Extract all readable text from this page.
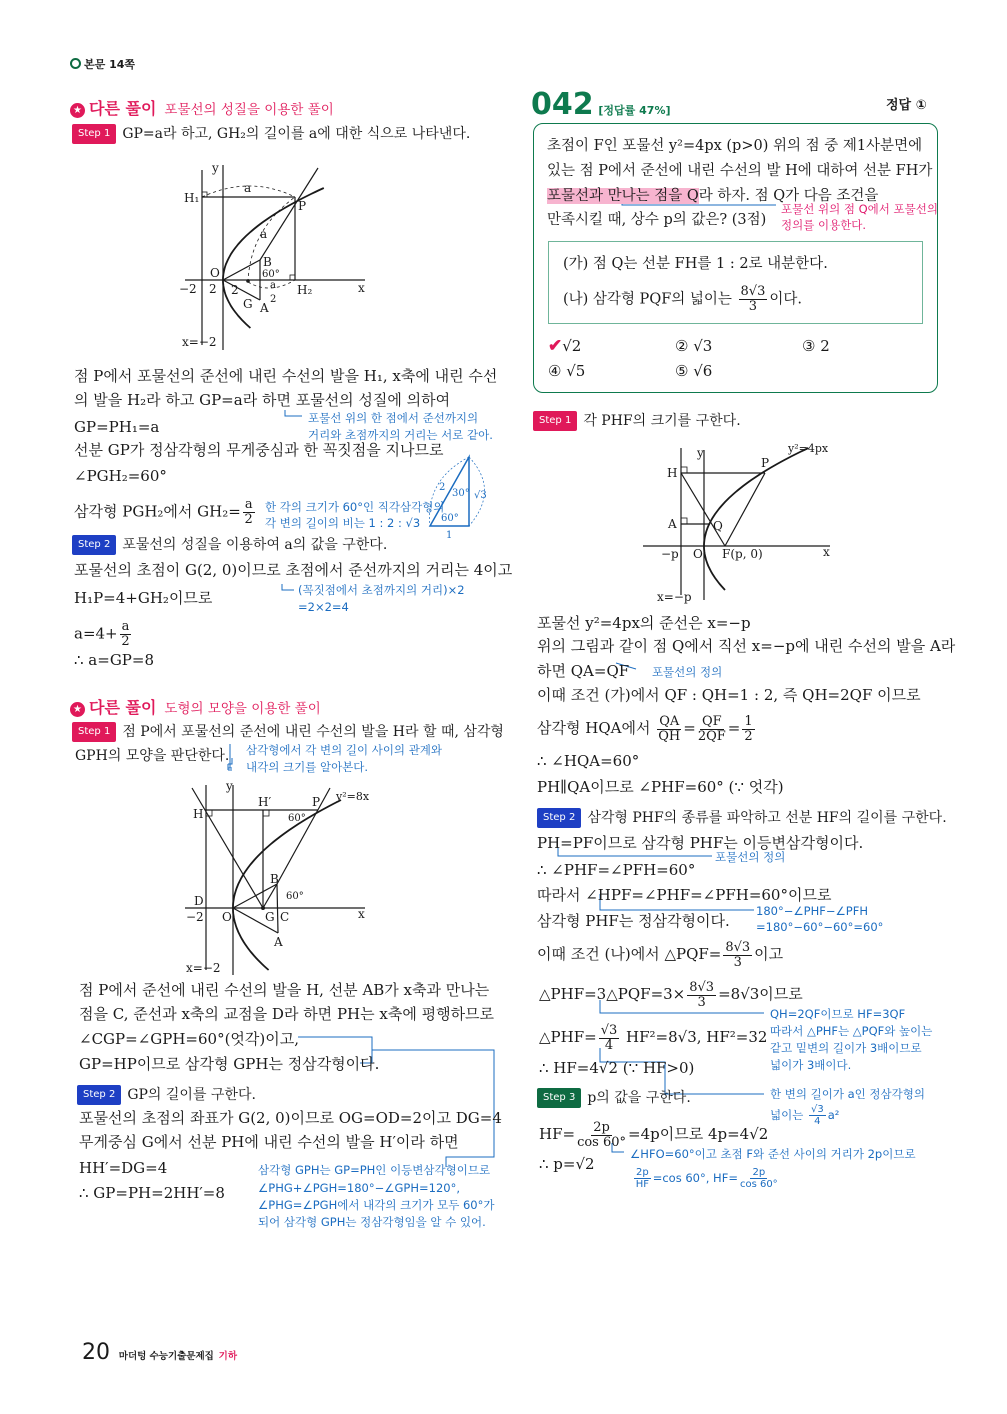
본문 14쪽
★ 다른 풀이 포물선의 성질을 이용한 풀이
Step 1 GP=a라 하고, GH₂의 길이를 a에 대한 식으로 나타낸다.
y
H₁
a
P
a
B
60°
O
−2 2 2	a
2
H₂	x
G A
x=−2
2
30° √3
60°
1
y
H′	P y²=8x
H	60°
B
60°
D
−2 O	G C	x
A
x=−2
y	y²=4px
H
P
A	Q
−p O F(p, 0)	x
x=−p
점 P에서 포물선의 준선에 내린 수선의 발을 H₁, x축에 내린 수선
의 발을 H₂라 하고 GP=a라 하면 포물선의 성질에 의하여
포물선 위의 한 점에서 준선까지의
거리와 초점까지의 거리는 서로 같아.
GP=PH₁=a
선분 GP가 정삼각형의 무게중심과 한 꼭짓점을 지나므로
∠PGH₂=60°
삼각형 PGH₂에서 $GH_2= \frac{a}{2}$ 한 각의 크기가 60°인 직각삼각형의
각 변의 길이의 비는 1 : 2 : √3
Step 2 포물선의 성질을 이용하여 a의 값을 구한다.
포물선의 초점이 G(2, 0)이므로 초점에서 준선까지의 거리는 4이고
H₁P=4+GH₂이므로	(꼭짓점에서 초점까지의 거리)×2
=2×2=4
$a=4+ \frac{a}{2}$
∴ a=GP=8
★ 다른 풀이 도형의 모양을 이용한 풀이
Step 1 점 P에서 포물선의 준선에 내린 수선의 발을 H라 할 때, 삼각형
GPH의 모양을 판단한다. 삼각형에서 각 변의 길이 사이의 관계와
내각의 크기를 알아본다.
점 P에서 준선에 내린 수선의 발을 H, 선분 AB가 x축과 만나는
점을 C, 준선과 x축의 교점을 D라 하면 PH는 x축에 평행하므로
∠CGP=∠GPH=60°(엇각)이고,
GP=HP이므로 삼각형 GPH는 정삼각형이다.
Step 2 GP의 길이를 구한다.
포물선의 초점의 좌표가 G(2, 0)이므로 OG=OD=2이고 DG=4
무게중심 G에서 선분 PH에 내린 수선의 발을 H′이라 하면
HH′=DG=4
∴ GP=PH=2HH′=8
삼각형 GPH는 GP=PH인 이등변삼각형이므로
∠PHG+∠PGH=180°−∠GPH=120°,
∠PHG=∠PGH에서 내각의 크기가 모두 60°가
되어 삼각형 GPH는 정삼각형임을 알 수 있어.
20 마더텅 수능기출문제집 기하
042 [정답률 47%]	정답 ①
초점이 F인 포물선 y²=4px (p>0) 위의 점 중 제1사분면에
있는 점 P에서 준선에 내린 수선의 발 H에 대하여 선분 FH가
포물선과 만나는 점을 Q라 하자. 점 Q가 다음 조건을
만족시킬 때, 상수 p의 값은? (3점)
포물선 위의 점 Q에서 포물선의
정의를 이용한다.
(가) 점 Q는 선분 FH를 1 : 2로 내분한다.
(나) 삼각형 PQF의 넓이는 $\frac{8√3}{3}$ 이다.
✔√2	② √3	③ 2
④ √5	⑤ √6
Step 1 각 PHF의 크기를 구한다.
포물선 y²=4px의 준선은 x=−p
위의 그림과 같이 점 Q에서 직선 x=−p에 내린 수선의 발을 A라
하면 QA=QF 포물선의 정의
이때 조건 (가)에서 QF : QH=1 : 2, 즉 QH=2QF 이므로
삼각형 HQA에서 $\frac{QA}{QH} = \frac{QF}{2QF} = \frac{1}{2}$
∴ ∠HQA=60°
PH∥QA이므로 ∠PHF=60° (∵ 엇각)
Step 2 삼각형 PHF의 종류를 파악하고 선분 HF의 길이를 구한다.
PH=PF이므로 삼각형 PHF는 이등변삼각형이다.
포물선의 정의
∴ ∠PHF=∠PFH=60°
따라서 ∠HPF=∠PHF=∠PFH=60°이므로
삼각형 PHF는 정삼각형이다.
180°−∠PHF−∠PFH
=180°−60°−60°=60°
이때 조건 (나)에서 △PQF= $\frac{8√3}{3}$ 이고
△PHF=3△PQF=3× $\frac{8√3}{3} =8√3$이므로
QH=2QF이므로 HF=3QF
따라서 △PHF는 △PQF와 높이는
같고 밑변의 길이가 3배이므로
넓이가 3배이다.
△PHF= $\frac{√3}{4} HF^2=8√3$, HF²=32
∴ HF=4√2 (∵ HF>0)
Step 3 p의 값을 구한다.	한 변의 길이가 a인 정삼각형의
넓이는 $\frac{√3}{4} a^2$
$HF= \frac{2p}{\cos 60^\circ} =4p$이므로 4p=4√2
∴ p=√2
∠HFO=60°이고 초점 F와 준선 사이의 거리가 2p이므로
$\frac{2p}{HF} =\cos$ 60°, $HF= \frac{2p}{\cos 60^\circ}$
